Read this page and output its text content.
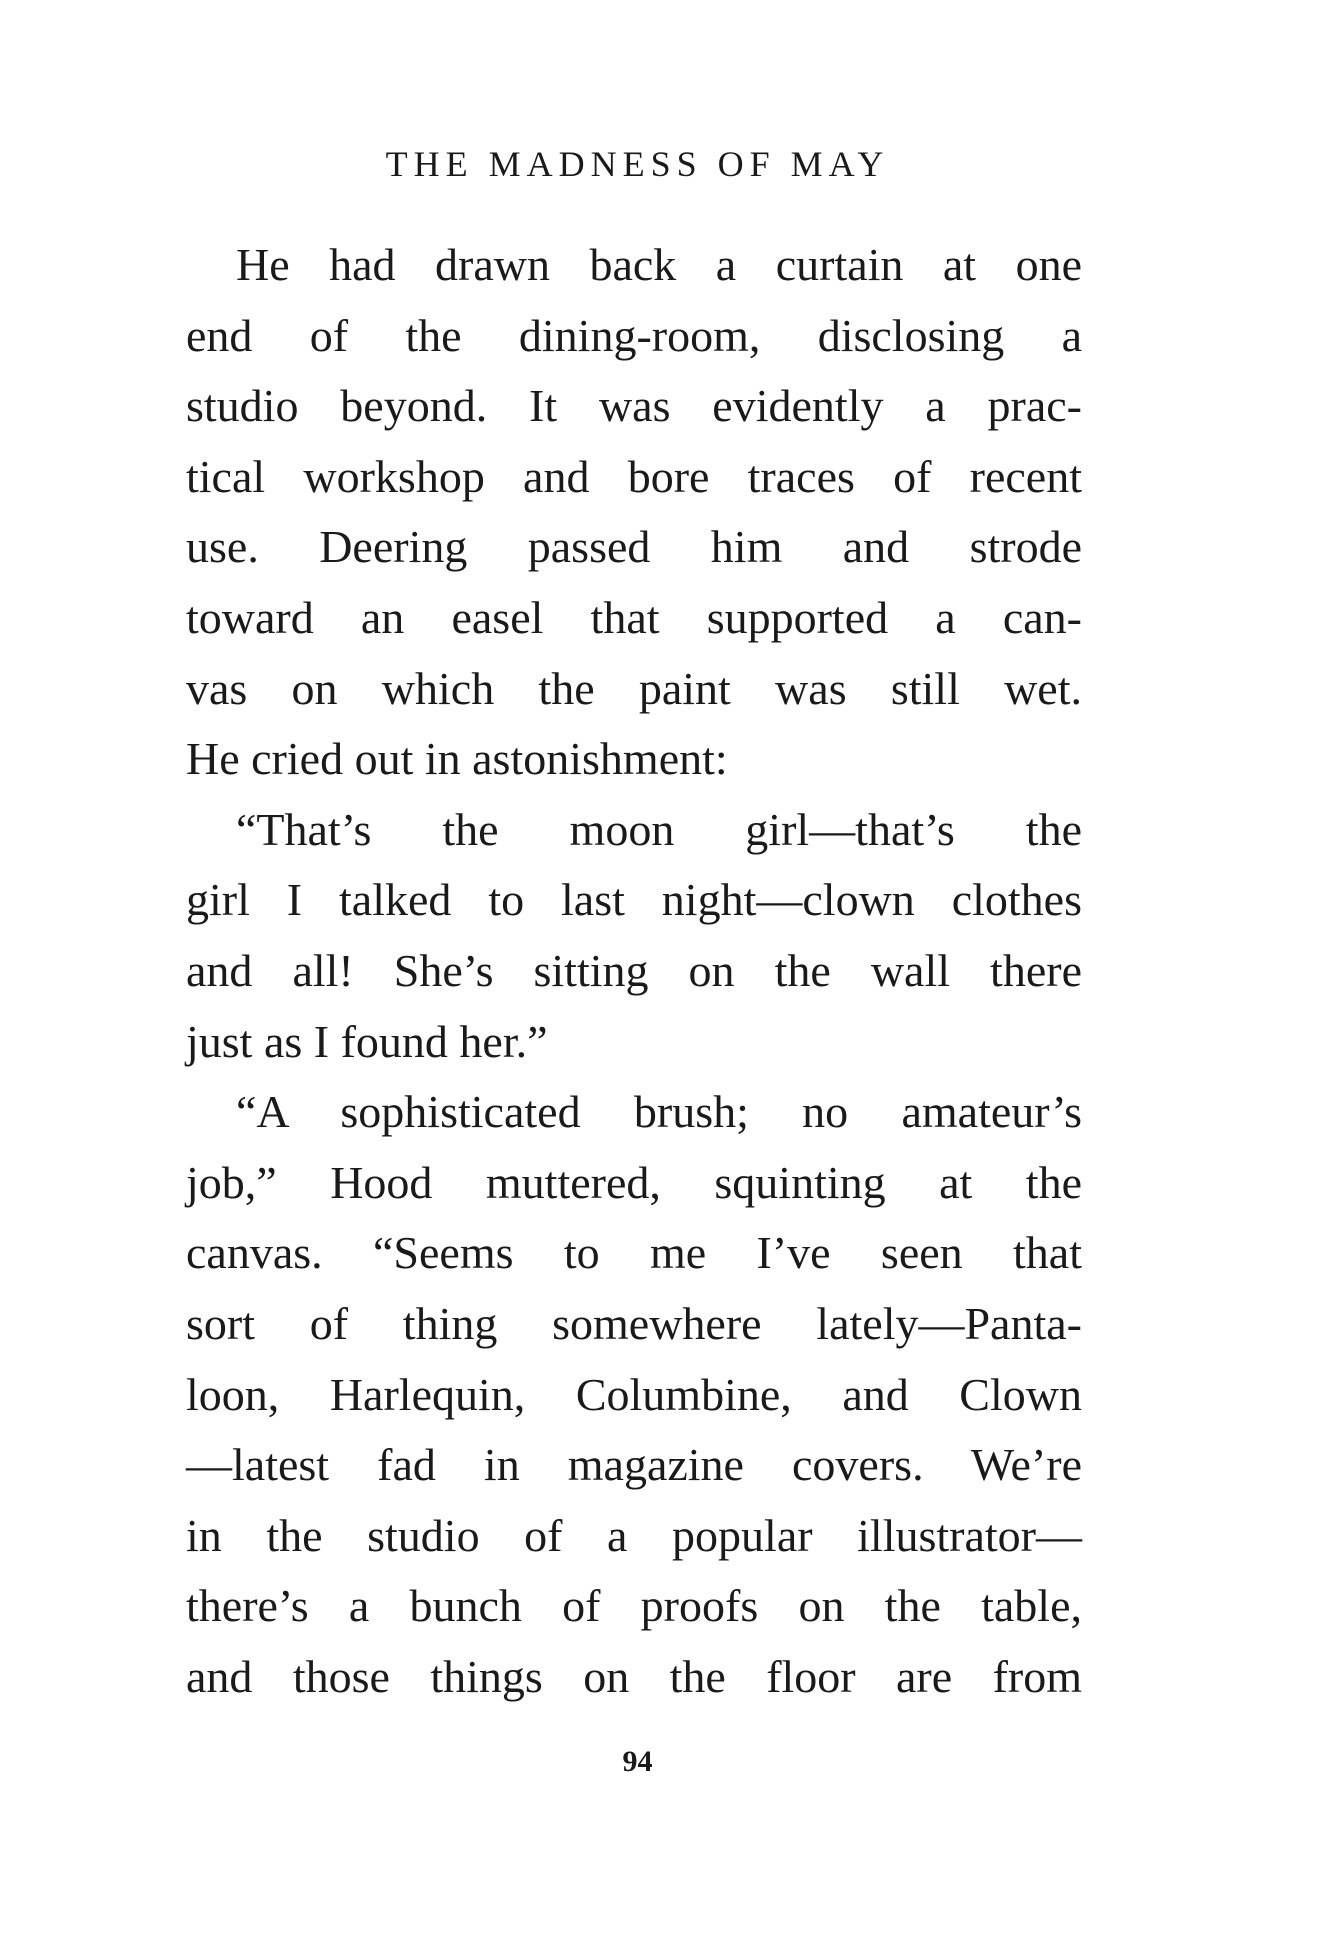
THE MADNESS OF MAY
He had drawn back a curtain at one
end of the dining-room, disclosing a
studio beyond. It was evidently a prac-
tical workshop and bore traces of recent
use. Deering passed him and strode
toward an easel that supported a can-
vas on which the paint was still wet.
He cried out in astonishment:
“That’s the moon girl—that’s the
girl I talked to last night—clown clothes
and all! She’s sitting on the wall there
just as I found her.”
“A sophisticated brush; no amateur’s
job,” Hood muttered, squinting at the
canvas. “Seems to me I’ve seen that
sort of thing somewhere lately—Panta-
loon, Harlequin, Columbine, and Clown
—latest fad in magazine covers. We’re
in the studio of a popular illustrator—
there’s a bunch of proofs on the table,
and those things on the floor are from
94
